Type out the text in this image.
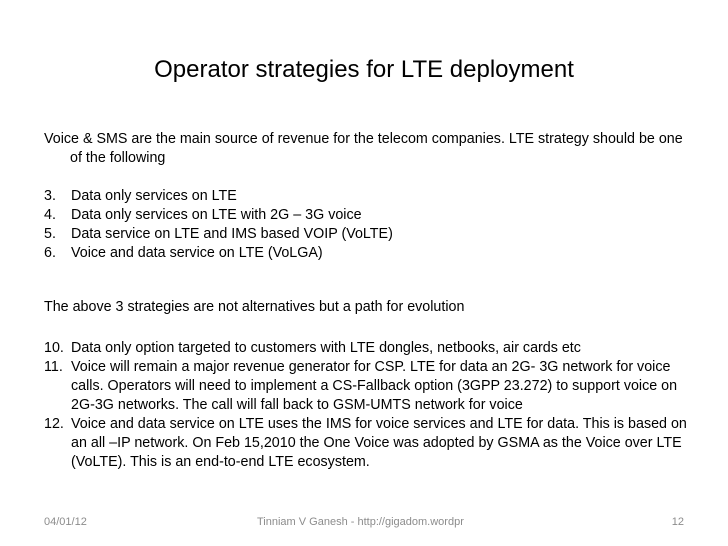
Operator strategies for LTE deployment
Voice & SMS are the main source of revenue for the telecom companies. LTE strategy should be one of the following
3. Data only services on LTE
4. Data only services on LTE with 2G – 3G voice
5. Data service on LTE and IMS based VOIP (VoLTE)
6. Voice and data service on LTE (VoLGA)
The above 3 strategies are not alternatives but a path for evolution
10. Data only option targeted to customers with LTE dongles, netbooks, air cards etc
11. Voice will remain a major revenue generator for CSP. LTE for data an 2G- 3G network for voice calls. Operators will need to implement a CS-Fallback option (3GPP 23.272) to support voice on 2G-3G networks. The call will fall back to GSM-UMTS network for voice
12. Voice and data service on LTE uses the IMS for voice services and LTE for data. This is based on an all –IP network. On Feb 15,2010 the One Voice was adopted by GSMA as the Voice over LTE (VoLTE). This is an end-to-end LTE ecosystem.
04/01/12	Tinniam V Ganesh - http://gigadom.wordpr	12
